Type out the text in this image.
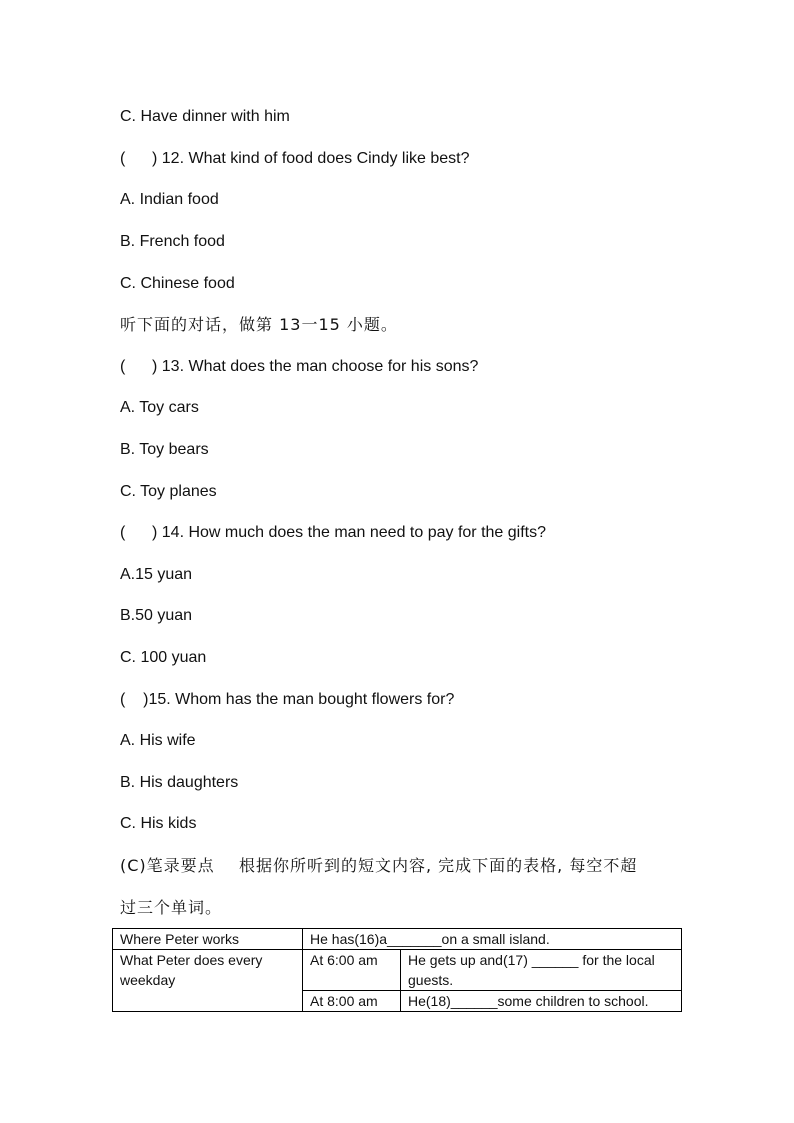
C. Have dinner with him
(      ) 12. What kind of food does Cindy like best?
A. Indian food
B. French food
C. Chinese food
听下面的对话，做第 13一15 小题。
(      ) 13. What does the man choose for his sons?
A. Toy cars
B. Toy bears
C. Toy planes
(      ) 14. How much does the man need to pay for the gifts?
A.15 yuan
B.50 yuan
C. 100 yuan
(    )15. Whom has the man bought flowers for?
A. His wife
B. His daughters
C. His kids
(C)笔录要点    根据你所听到的短文内容, 完成下面的表格, 每空不超
过三个单词。
Where Peter works	He has(16)a_______on a small island.	
What Peter does every weekday	At 6:00 am	He gets up and(17) ______ for the local guests.
	At 8:00 am	He(18)______some children to school.
